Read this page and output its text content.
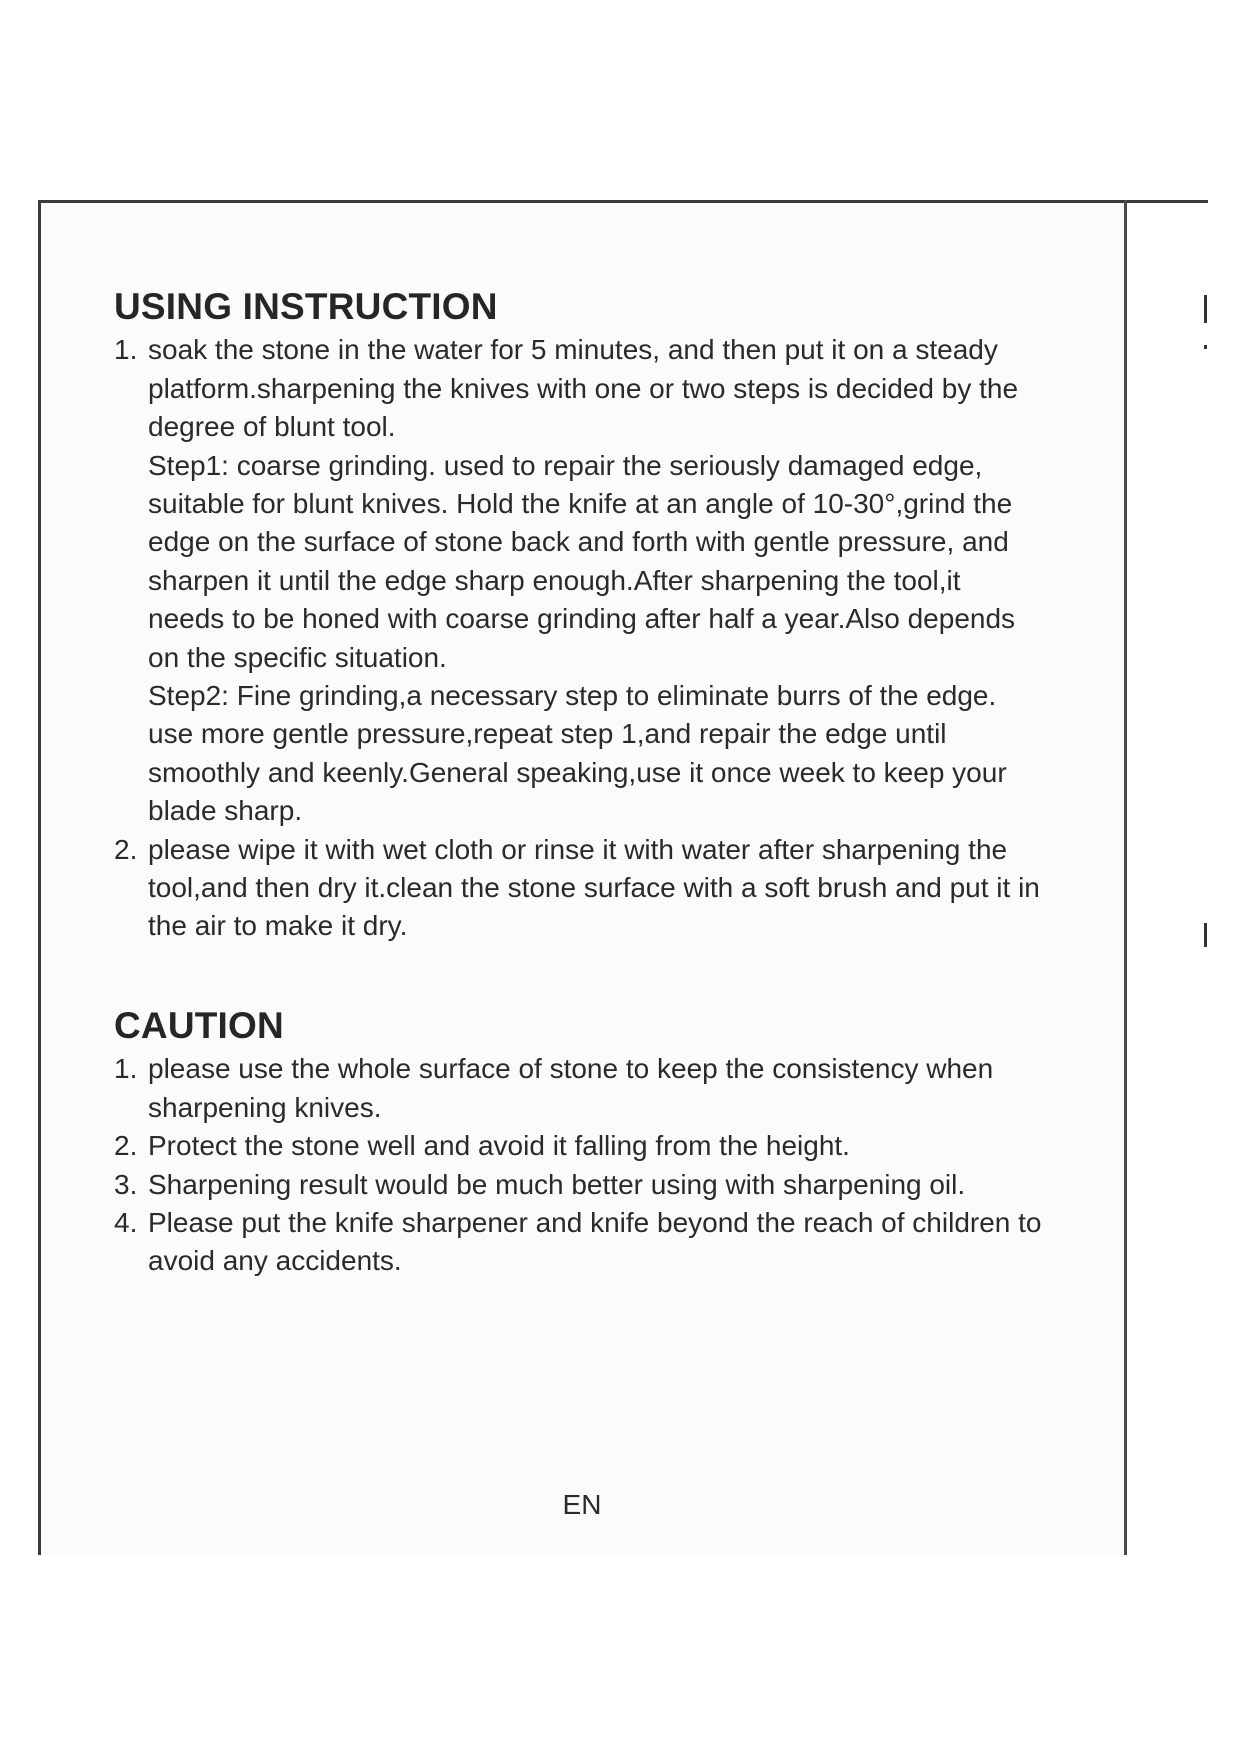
USING INSTRUCTION
1. soak the stone in the water for 5 minutes, and then put it on a steady platform.sharpening the knives with one or two steps is decided by the degree of blunt tool.

Step1: coarse grinding. used to repair the seriously damaged edge, suitable for blunt knives. Hold the knife at an angle of 10-30°,grind the edge on the surface of stone back and forth with gentle pressure, and sharpen it until the edge sharp enough.After sharpening the tool,it needs to be honed with coarse grinding after half a year.Also depends on the specific situation.

Step2: Fine grinding,a necessary step to eliminate burrs of the edge. use more gentle pressure,repeat step 1,and repair the edge until smoothly and keenly.General speaking,use it once week to keep your blade sharp.

2. please wipe it with wet cloth or rinse it with water after sharpening the tool,and then dry it.clean the stone surface with a soft brush and put it in the air to make it dry.

CAUTION
1. please use the whole surface of stone to keep the consistency when sharpening knives.

2. Protect the stone well and avoid it falling from the height.

3. Sharpening result would be much better using with sharpening oil.

4. Please put the knife sharpener and knife beyond the reach of children to avoid any accidents.

EN
